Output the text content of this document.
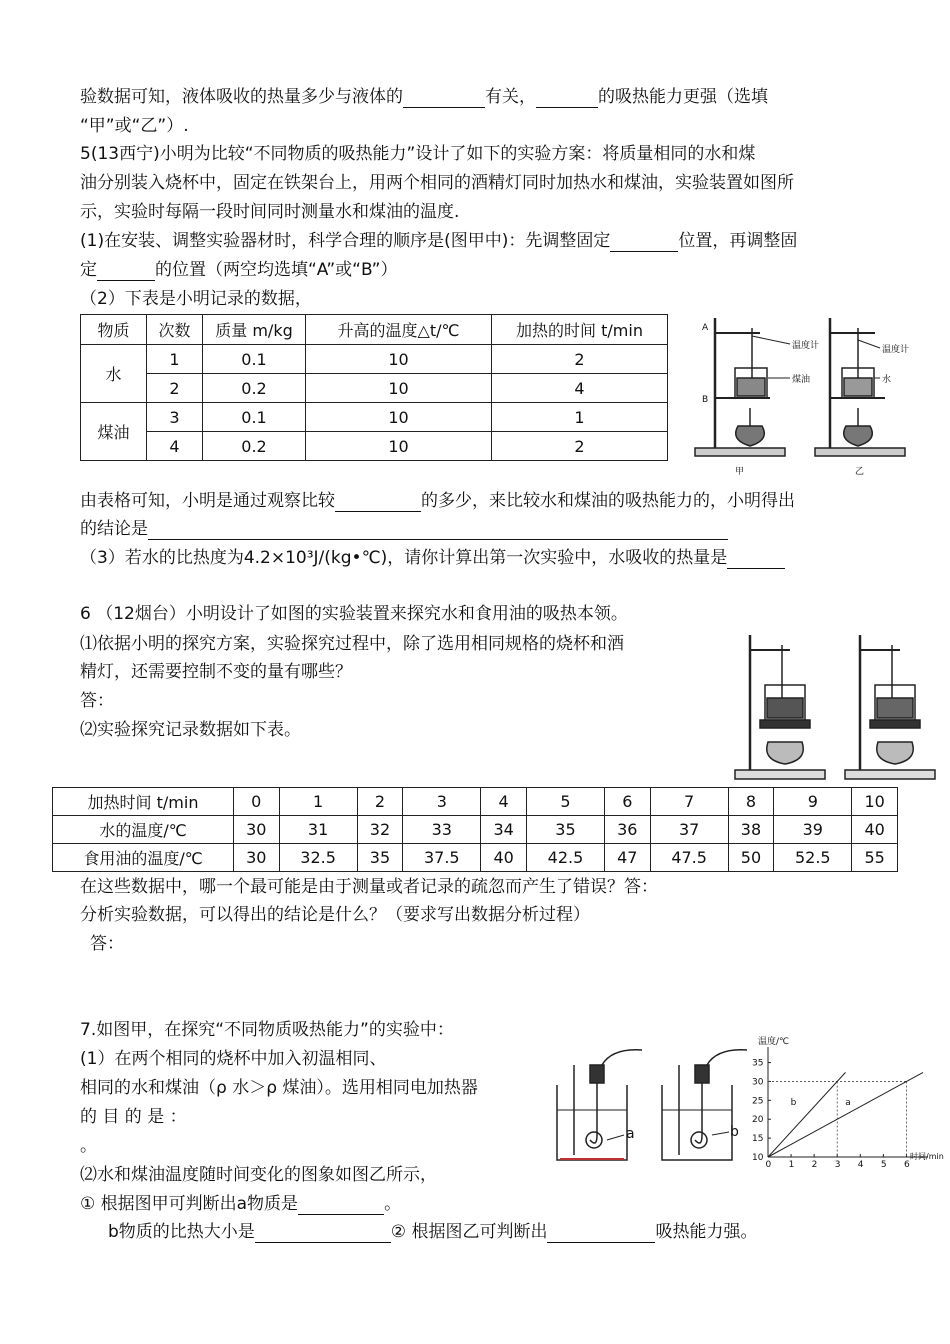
验数据可知，液体吸收的热量多少与液体的	有关，	的吸热能力更强（选填
“甲”或“乙”）.
5(13西宁)小明为比较“不同物质的吸热能力”设计了如下的实验方案：将质量相同的水和煤
油分别装入烧杯中，固定在铁架台上，用两个相同的酒精灯同时加热水和煤油，实验装置如图所
示，实验时每隔一段时间同时测量水和煤油的温度.
(1)在安装、调整实验器材时，科学合理的顺序是(图甲中)：先调整固定	位置，再调整固
定	的位置（两空均选填“A”或“B”）
（2）下表是小明记录的数据，
物质	次数	质量 m/kg	升高的温度△t/℃	加热的时间 t/min
水	1	0.1	10	2
	2	0.2	10	4
煤油	3	0.1	10	1
	4	0.2	10	2
A
B
温度计
煤油
温度计
水
甲	乙
由表格可知，小明是通过观察比较	的多少，来比较水和煤油的吸热能力的，小明得出
的结论是
（3）若水的比热度为4.2×10³J/(kg•℃)，请你计算出第一次实验中，水吸收的热量是
6 （12烟台）小明设计了如图的实验装置来探究水和食用油的吸热本领。
⑴依据小明的探究方案，实验探究过程中，除了选用相同规格的烧杯和酒
精灯，还需要控制不变的量有哪些？
答：
⑵实验探究记录数据如下表。
加热时间 t/min	0	1	2	3	4	5	6	7	8	9	10
水的温度/℃	30	31	32	33	34	35	36	37	38	39	40
食用油的温度/℃	30	32.5	35	37.5	40	42.5	47	47.5	50	52.5	55
在这些数据中，哪一个最可能是由于测量或者记录的疏忽而产生了错误？答：
分析实验数据，可以得出的结论是什么？（要求写出数据分析过程）
答：
7.如图甲，在探究“不同物质吸热能力”的实验中：
(1）在两个相同的烧杯中加入初温相同、
相同的水和煤油（ρ 水＞ρ 煤油）。选用相同电加热器
的 目 的 是 ：
。
⑵水和煤油温度随时间变化的图象如图乙所示，
① 根据图甲可判断出a物质是	。
b物质的比热大小是	② 根据图乙可判断出	吸热能力强。
a	b
0 1 2 3 4 5 6
10
15
20
25
30
35
温度/℃
时间/min
b	a
